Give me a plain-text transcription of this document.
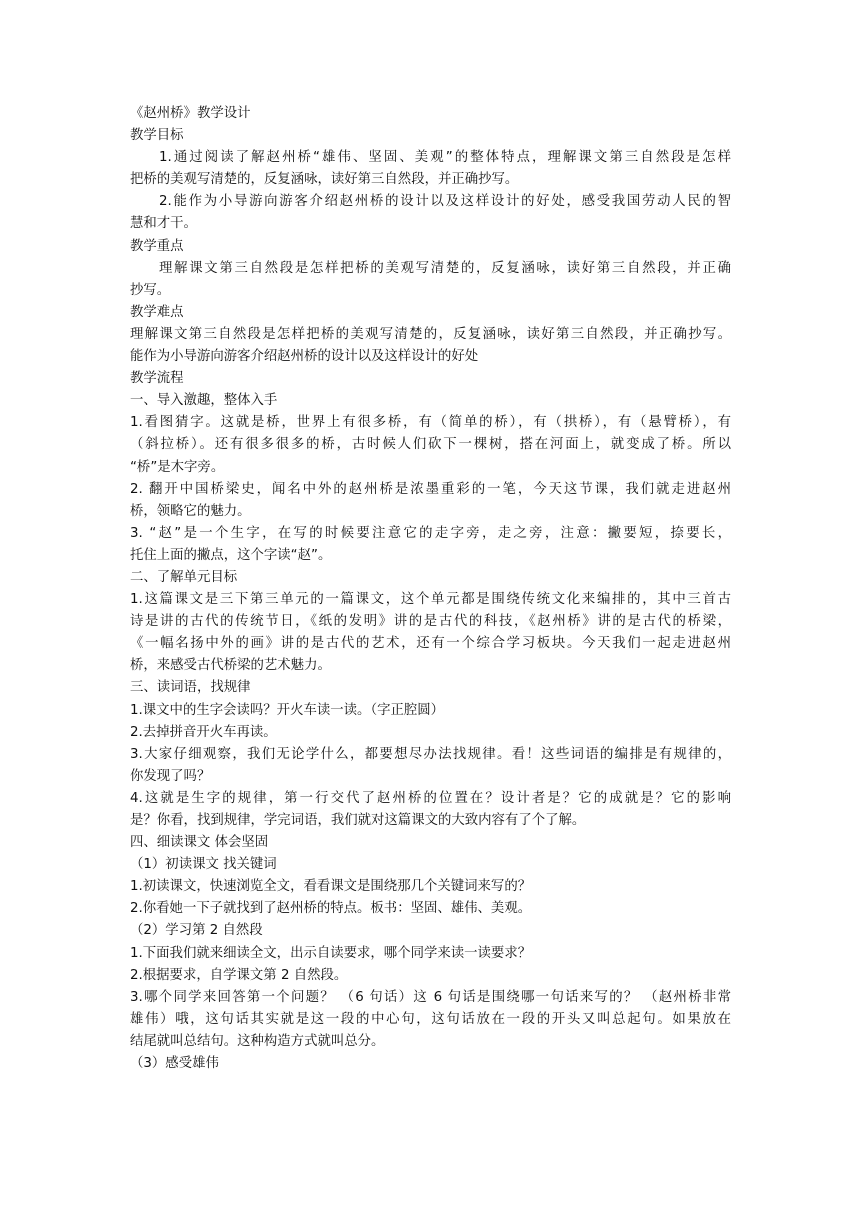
《赵州桥》教学设计
教学目标
1.通过阅读了解赵州桥“雄伟、坚固、美观”的整体特点，理解课文第三自然段是怎样
把桥的美观写清楚的，反复涵咏，读好第三自然段，并正确抄写。
2.能作为小导游向游客介绍赵州桥的设计以及这样设计的好处，感受我国劳动人民的智
慧和才干。
教学重点
理解课文第三自然段是怎样把桥的美观写清楚的，反复涵咏，读好第三自然段，并正确
抄写。
教学难点
理解课文第三自然段是怎样把桥的美观写清楚的，反复涵咏，读好第三自然段，并正确抄写。
能作为小导游向游客介绍赵州桥的设计以及这样设计的好处
教学流程
一、导入激趣，整体入手
1.看图猜字。这就是桥，世界上有很多桥，有（简单的桥），有（拱桥），有（悬臂桥），有
（斜拉桥）。还有很多很多的桥，古时候人们砍下一棵树，搭在河面上，就变成了桥。所以
“桥”是木字旁。
2. 翻开中国桥梁史，闻名中外的赵州桥是浓墨重彩的一笔，今天这节课，我们就走进赵州
桥，领略它的魅力。
3. “赵”是一个生字，在写的时候要注意它的走字旁，走之旁，注意：撇要短，捺要长，
托住上面的撇点，这个字读“赵”。
二、了解单元目标
1.这篇课文是三下第三单元的一篇课文，这个单元都是围绕传统文化来编排的，其中三首古
诗是讲的古代的传统节日，《纸的发明》讲的是古代的科技，《赵州桥》讲的是古代的桥梁，
《一幅名扬中外的画》讲的是古代的艺术，还有一个综合学习板块。今天我们一起走进赵州
桥，来感受古代桥梁的艺术魅力。
三、读词语，找规律
1.课文中的生字会读吗？开火车读一读。（字正腔圆）
2.去掉拼音开火车再读。
3.大家仔细观察，我们无论学什么，都要想尽办法找规律。看！这些词语的编排是有规律的，
你发现了吗？
4.这就是生字的规律，第一行交代了赵州桥的位置在？设计者是？它的成就是？它的影响
是？你看，找到规律，学完词语，我们就对这篇课文的大致内容有了个了解。
四、细读课文 体会坚固
（1）初读课文 找关键词
1.初读课文，快速浏览全文，看看课文是围绕那几个关键词来写的？
2.你看她一下子就找到了赵州桥的特点。板书：坚固、雄伟、美观。
（2）学习第 2 自然段
1.下面我们就来细读全文，出示自读要求，哪个同学来读一读要求？
2.根据要求，自学课文第 2 自然段。
3.哪个同学来回答第一个问题？ （6 句话）这 6 句话是围绕哪一句话来写的？ （赵州桥非常
雄伟）哦，这句话其实就是这一段的中心句，这句话放在一段的开头又叫总起句。如果放在
结尾就叫总结句。这种构造方式就叫总分。
（3）感受雄伟
